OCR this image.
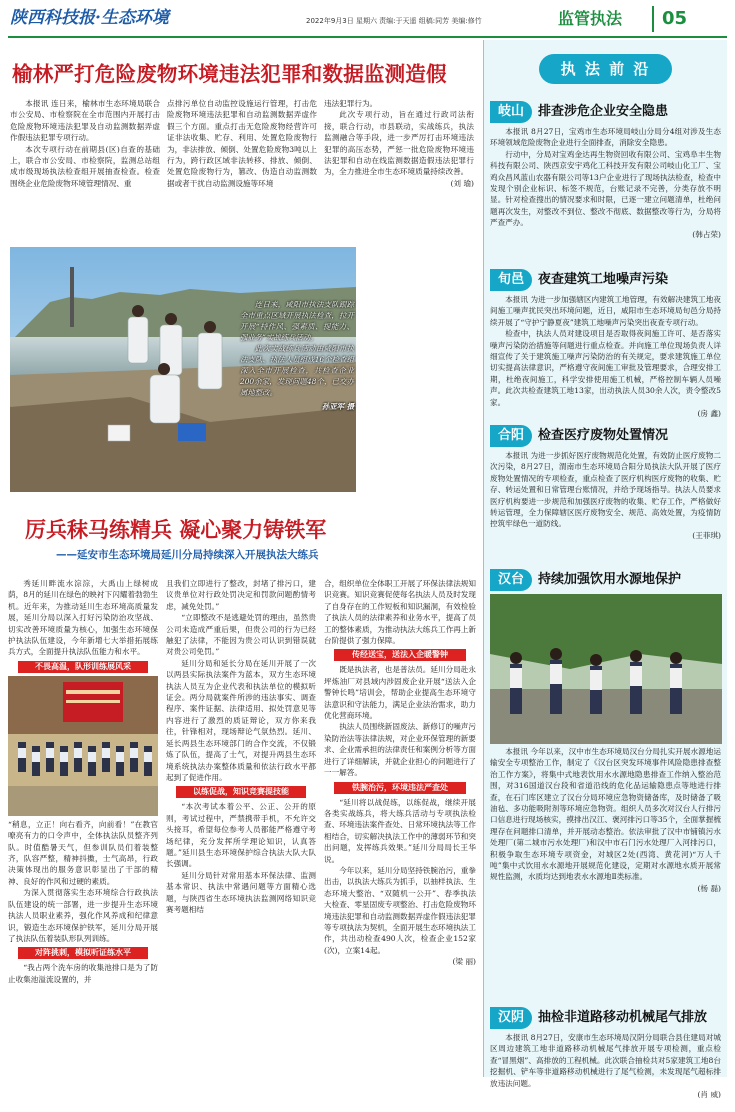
陕西科技报·生态环境	2022年9月3日 星期六 责编:于天遥 组稿:同芳 美编:修竹	监管执法	05
榆林严打危险废物环境违法犯罪和数据监测造假

本报讯 连日来，榆林市生态环境局联合市公安局、市检察院在全市范围内开展打击危险废物环境违法犯罪及自动监测数据弄虚作假违法犯罪专项行动。

本次专项行动在前期县(区)自查的基础上，联合市公安局、市检察院，监测总站组成市级现场执法检查组开展抽查检查。检查围绕企业危险废物环境管理情况、重

点排污单位自动监控设施运行管理，打击危险废物环境违法犯罪和自动监测数据弄虚作假三个方面。重点打击无危险废物经营许可证非法收集、贮存、利用、处置危险废物行为，非法排放、倾倒、处置危险废物3吨以上行为，跨行政区域非法转移、排放、倾倒、处置危险废物行为，篡改、伪造自动监测数据或者干扰自动监测设施等环境

违法犯罪行为。

此次专项行动，旨在通过行政司法衔接，联合行动，市县联动，实战练兵，执法监测融合等手段，进一步严厉打击环境违法犯罪的高压态势，严惩一批危险废物环境违法犯罪和自动在线监测数据造假违法犯罪行为，全力推进全市生态环境质量持续改善。

(刘 瑜)

连日来，咸阳市执法支队跟踪全市重点区域开展执法检查，拉开开展“持作风、强素质、提能力、强业务”实战练兵活动。

此次实战练兵活动由咸阳市执法支队、执法人员组成16个检查组深入全市开展检查，共检查企业200余家，发现问题48个，已交办属地整改。

孙亚军 摄
厉兵秣马练精兵 凝心聚力铸铁军
——延安市生态环境局延川分局持续深入开展执法大练兵

秀延川畔流水淙淙，大禹山上绿树成荫，8月的延川在绿色的映衬下闪耀着勃勃生机。近年来，为推动延川生态环境高质量发展，延川分局以深入打好污染防治攻坚战、切实改善环境质量为核心，加强生态环境保护执法队伍建设，今年新增七大举措拓展练兵方式，全面提升执法队伍能力和水平。

不畏高温，队形训练展风采

“稍息，立正！向右看齐，向前看！”在教官嘹亮有力的口令声中，全体执法队员整齐列队。时值酷暑天气，但参训队员们着装整齐，队容严整，精神抖擞，士气高昂，行政决策体现出的服务意识彰显出了干部的精神、良好的作风和过硬的素质。

为深入贯彻落实生态环境综合行政执法队伍建设的统一部署，进一步提升生态环境执法人员职业素养，强化作风养成和纪律意识，锻造生态环境保护铁军，延川分局开展了执法队伍着装队形队列训练。

对阵挑刺，模拟听证练水平

“我占两个洗车房的收集池排口是为了防止收集池溢流设置的，并

且我们立即进行了整改，封堵了排污口，建议贵单位对行政处罚决定和罚款问题酌情考虑，减免处罚。”

“立即整改不是逃避处罚的理由，虽然贵公司未造成严重后果，但贵公司的行为已经触犯了法律，不能因为贵公司认识到错误就对贵公司免罚。”

延川分局和延长分局在延川开展了一次以两县实际执法案件为蓝本，双方生态环境执法人员互为企业代表和执法单位的模拟听证会。两分局就案件所涉的违法事实、调查程序、案件证据、法律适用、拟处罚意见等内容进行了激烈的质证辩论，双方你来我往，针锋相对，现场辩论气氛热烈。延川、延长两县生态环境部门的合作交流，不仅锻炼了队伍，提高了士气，对提升两县生态环境系统执法办案整体质量和依法行政水平都起到了促进作用。

以练促战，知识竞赛提技能

“本次考试本着公平、公正、公开的原则，考试过程中，严禁携带手机，不允许交头接耳，希望每位参考人员都能严格遵守考场纪律，充分发挥所学理论知识，认真答题。”延川县生态环境保护综合执法大队大队长强调。

延川分局针对常用基本环保法律、监测基本常识、执法中常遇问题等方面精心选题，与陕西省生态环境执法监测网络知识竞赛考题相结

合，组织单位全体职工开展了环保法律法规知识竞赛。知识竞赛促使每名执法人员及时发现了自身存在的工作短板和知识漏洞，有效检验了执法人员的法律素养和业务水平，提高了员工的整体素质，为推动执法大练兵工作再上新台阶提供了强力保障。

传经送宝，送法入企暖警钟

既是执法者，也是普法员。延川分局赴永坪炼油厂对县域内涉固废企业开展“送法入企 警钟长鸣”培训会，帮助企业提高生态环境守法意识和守法能力，满足企业法治需求，助力优化营商环境。

执法人员围绕新固废法、新修订的噪声污染防治法等法律法规，对企业环保管理的新要求、企业需承担的法律责任和案例分析等方面进行了详细解读，并就企业担心的问题进行了一一解答。

铁腕治污，环境违法严查处

“延川将以战促练，以练促战，继续开展各类实战练兵，将大练兵活动与专项执法检查、环境违法案件查处、日常环境执法等工作相结合，切实解决执法工作中的薄弱环节和突出问题，发挥练兵效果。”延川分局局长王华说。

今年以来，延川分局坚持铁腕治污，重拳出击，以执法大练兵为抓手，以抽样执法、生态环境大整治、“双随机一公开”、春季执法大检查、零星固废专项整治、打击危险废物环境违法犯罪和自动监测数据弄虚作假违法犯罪等专项执法为契机，全面开展生态环境执法工作，共出动检查490人次，检查企业152家(次)，立案14起。

(梁 丽)
执 法 前 沿
岐山	排查涉危企业安全隐患

本报讯 8月27日，宝鸡市生态环境局岐山分局分4组对涉及生态环境领域危险废物企业进行全面排查，消除安全隐患。

行动中，分局对宝鸡金达再生物资回收有限公司、宝鸡阜丰生物科技有限公司、陕西京安宇鸡化工科技开发有限公司岐山化工厂、宝鸡众昌风蓝山农器有限公司等13户企业进行了现场执法检查，检查中发现个别企业标识、标签不规范，台账记录不完善，分类存放不明显。针对检查搜出的情况要求和时限，已逐一建立问题清单，杜绝问题再次发生，对整改不到位、整改不彻底、数据整改等行为，分局将严查严办。

(韩占荣)
旬邑	夜查建筑工地噪声污染

本报讯 为进一步加强辖区内建筑工地管理，有效解决建筑工地夜间施工噪声扰民突出环境问题，近日，咸阳市生态环境局旬邑分局持续开展了“守护宁静夏夜”建筑工地噪声污染突出夜查专项行动。

检查中，执法人员对建设项目是否取得夜间施工许可、是否落实噪声污染防治措施等问题进行重点检查。并向施工单位现场负责人详细宣传了关于建筑施工噪声污染防治的有关规定，要求建筑施工单位切实提高法律意识，严格遵守夜间施工审批及管理要求，合理安排工期，杜绝夜间施工，科学安排使用施工机械，严格控制车辆人员噪声。此次共检查建筑工地13家，出动执法人员30余人次，责令整改5家。

(房 鑫)
合阳	检查医疗废物处置情况

本报讯 为进一步抓好医疗废物规范化处置，有效防止医疗废物二次污染，8月27日，渭南市生态环境局合阳分局执法大队开展了医疗废物处置情况的专项检查，重点检查了医疗机构医疗废物的收集、贮存、转运处置和日常管理台账情况，并给予现场指导。执法人员要求医疗机构要进一步规范和加强医疗废物的收集、贮存工作，严格做好转运管理，全力保障辖区医疗废物安全、规范、高效处置，为疫情防控筑牢绿色一道防线。

(王菲琪)
汉台	持续加强饮用水源地保护

本报讯 今年以来，汉中市生态环境局汉台分局扎实开展水源地运输安全专项整治工作，制定了《汉台区突发环境事件风险隐患排查整治工作方案》，将集中式地表饮用水水源地隐患排查工作纳入整治范围，对316国道汉台段和省道沿线的危化品运输隐患点等地进行排查，在石门库区建立了汉台分局环境应急物资储备库，及时储备了吸油毡、多功能吸附剂等环境应急物资。组织人员多次对汉台人行排污口信息进行现场核实，摸排出汉江、褒河排污口等35个，全面掌握梳理存在问题排口清单，并开展动态整治。依法审批了汉中市铺镇污水处理厂(第二城市污水处理厂)和汉中市石门污水处理厂入河排污口，积极争取生态环境专项资金，对城区2处(西湾、黄花河)“万人千吨”集中式饮用水水源地开展规范化建设，定期对水源地水质开展常规性监测，水质均达到地表水水源地Ⅱ类标准。

(杨 磊)
汉阴	抽检非道路移动机械尾气排放

本报讯 8月27日，安康市生态环境局汉阴分局联合县住建局对城区周边建筑工地非道路移动机械尾气排放开展专项检测，重点检查“冒黑烟”、高排放的工程机械。此次联合抽检共对5家建筑工地8台挖掘机、铲车等非道路移动机械进行了尾气检测，未发现尾气超标排放违法问题。

(肖 威)
